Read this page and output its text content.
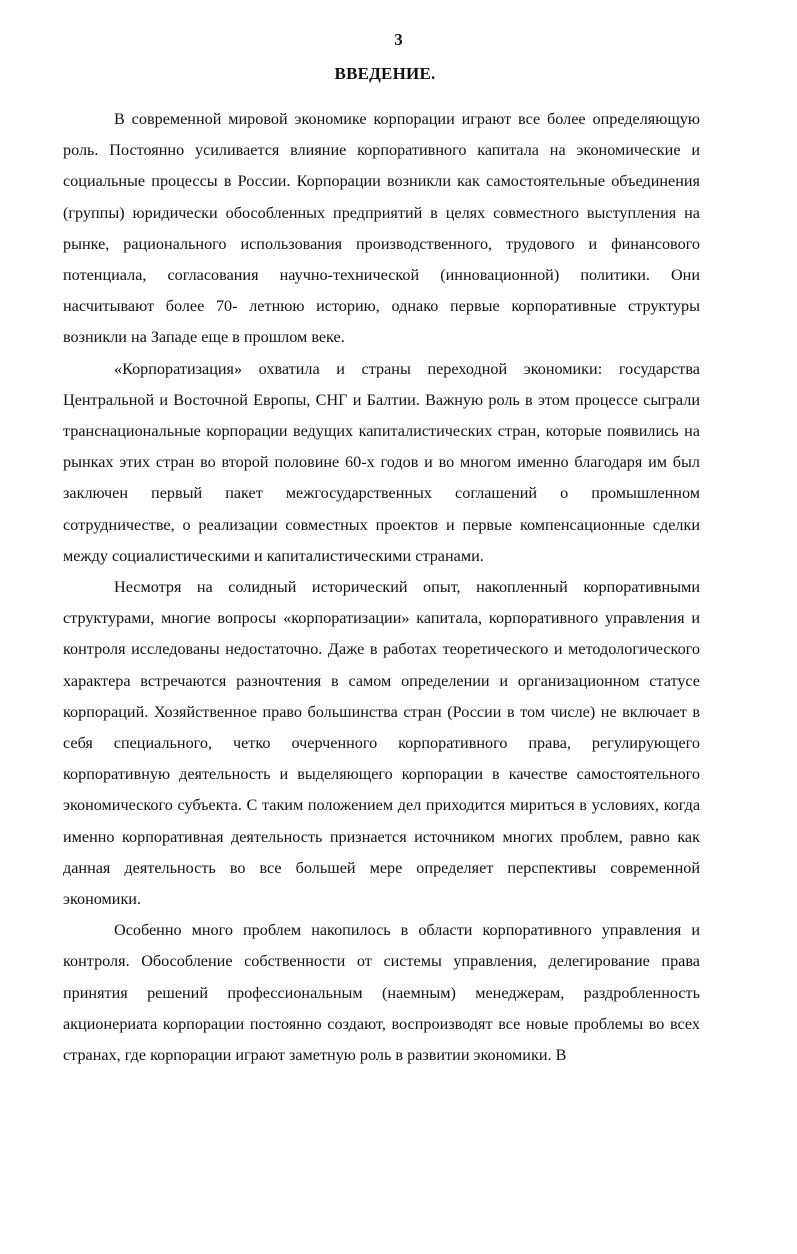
3
ВВЕДЕНИЕ.

В современной мировой экономике корпорации играют все более определяющую роль. Постоянно усиливается влияние корпоративного капитала на экономические и социальные процессы в России. Корпорации возникли как самостоятельные объединения (группы) юридически обособленных предприятий в целях совместного выступления на рынке, рационального использования производственного, трудового и финансового потенциала, согласования научно-технической (инновационной) политики. Они насчитывают более 70- летнюю историю, однако первые корпоративные структуры возникли на Западе еще в прошлом веке.

«Корпоратизация» охватила и страны переходной экономики: государства Центральной и Восточной Европы, СНГ и Балтии. Важную роль в этом процессе сыграли транснациональные корпорации ведущих капиталистических стран, которые появились на рынках этих стран во второй половине 60-х годов и во многом именно благодаря им был заключен первый пакет межгосударственных соглашений о промышленном сотрудничестве, о реализации совместных проектов и первые компенсационные сделки между социалистическими и капиталистическими странами.

Несмотря на солидный исторический опыт, накопленный корпоративными структурами, многие вопросы «корпоратизации» капитала, корпоративного управления и контроля исследованы недостаточно. Даже в работах теоретического и методологического характера встречаются разночтения в самом определении и организационном статусе корпораций. Хозяйственное право большинства стран (России в том числе) не включает в себя специального, четко очерченного корпоративного права, регулирующего корпоративную деятельность и выделяющего корпорации в качестве самостоятельного экономического субъекта. С таким положением дел приходится мириться в условиях, когда именно корпоративная деятельность признается источником многих проблем, равно как данная деятельность во все большей мере определяет перспективы современной экономики.

Особенно много проблем накопилось в области корпоративного управления и контроля. Обособление собственности от системы управления, делегирование права принятия решений профессиональным (наемным) менеджерам, раздробленность акционериата корпорации постоянно создают, воспроизводят все новые проблемы во всех странах, где корпорации играют заметную роль в развитии экономики. В
